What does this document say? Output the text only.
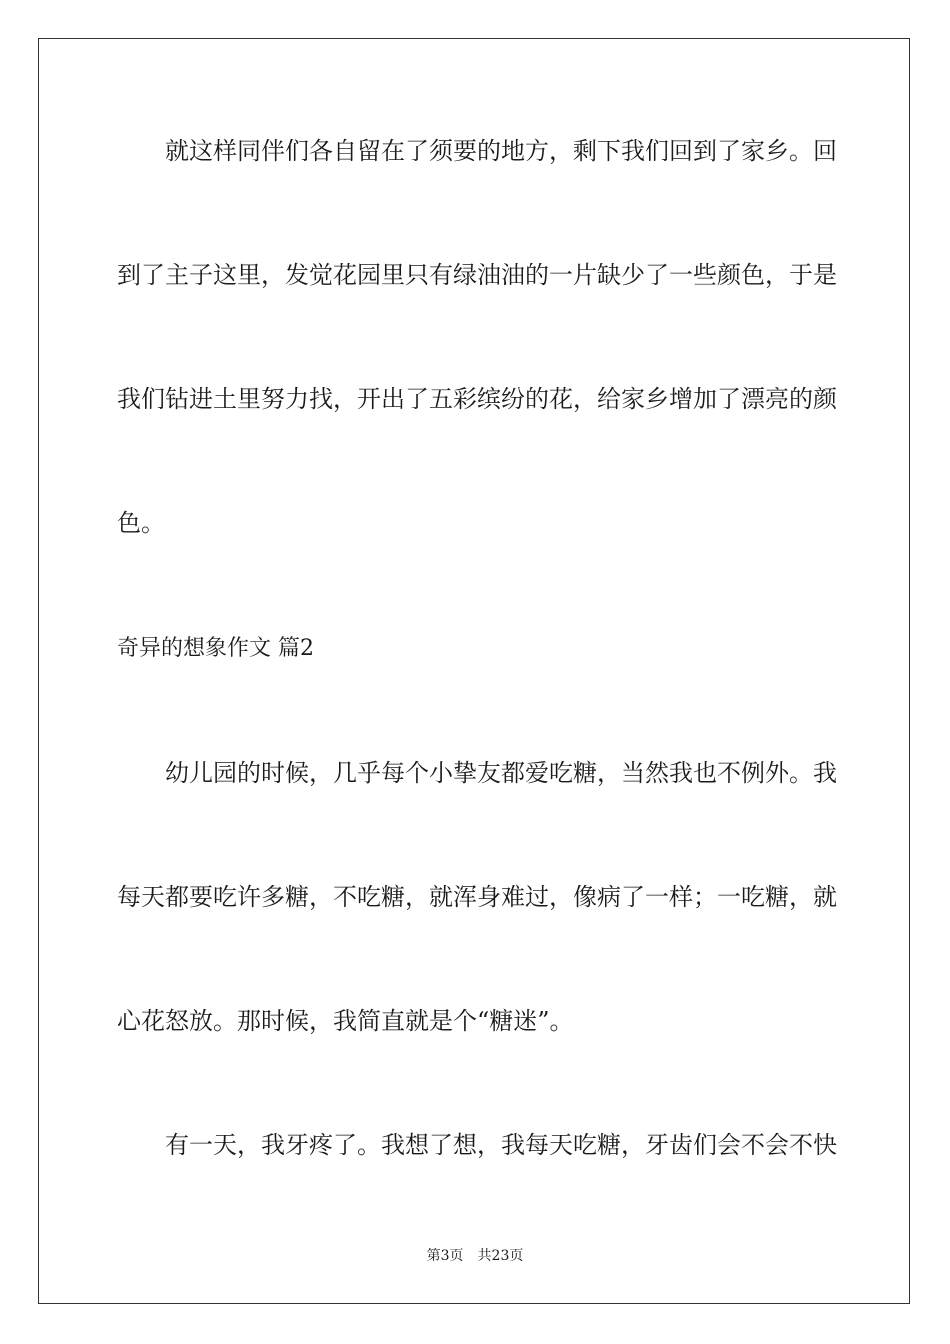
就这样同伴们各自留在了须要的地方，剩下我们回到了家乡。回
到了主子这里，发觉花园里只有绿油油的一片缺少了一些颜色，于是
我们钻进土里努力找，开出了五彩缤纷的花，给家乡增加了漂亮的颜
色。
奇异的想象作文 篇2
幼儿园的时候，几乎每个小挚友都爱吃糖，当然我也不例外。我
每天都要吃许多糖，不吃糖，就浑身难过，像病了一样；一吃糖，就
心花怒放。那时候，我简直就是个“糖迷”。
有一天，我牙疼了。我想了想，我每天吃糖，牙齿们会不会不快
第3页 共23页
